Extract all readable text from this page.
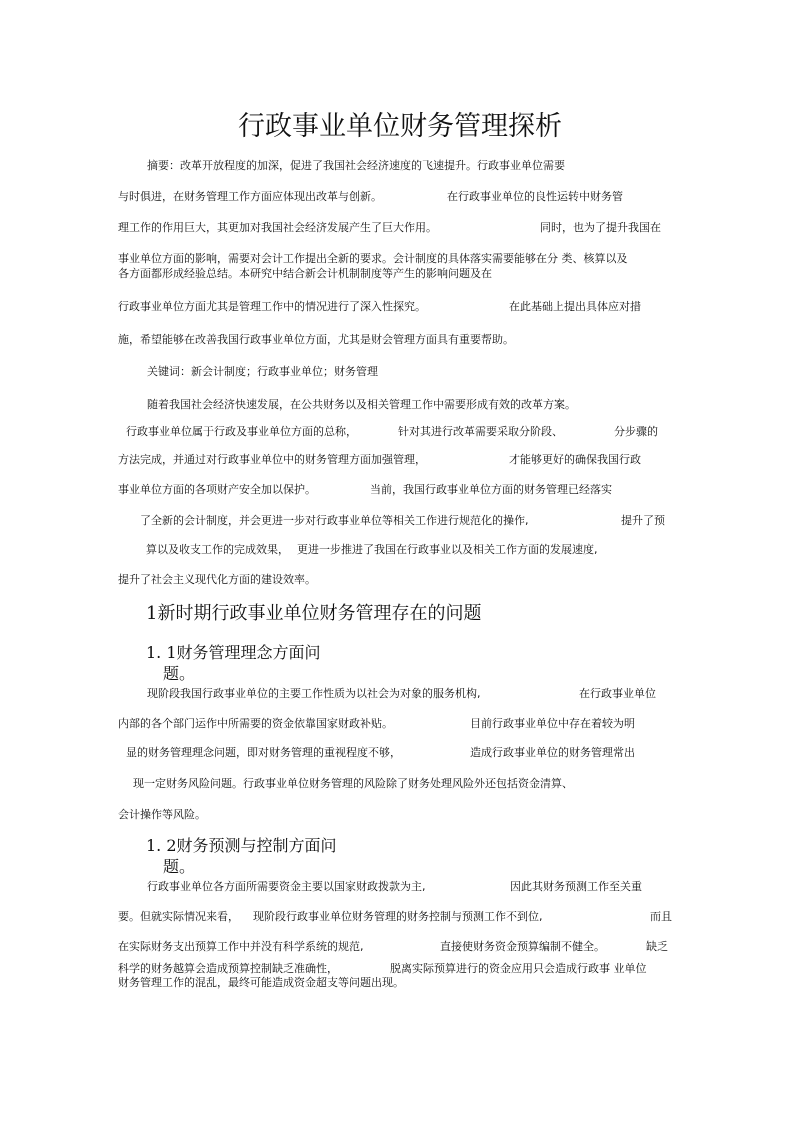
行政事业单位财务管理探析
摘要：改革开放程度的加深，促进了我国社会经济速度的飞速提升。行政事业单位需要
与时俱进，在财务管理工作方面应体现出改革与创新。	在行政事业单位的良性运转中财务管
理工作的作用巨大，其更加对我国社会经济发展产生了巨大作用。	同时，也为了提升我国在
事业单位方面的影响，需要对会计工作提出全新的要求。会计制度的具体落实需要能够在分 类、核算以及
各方面都形成经验总结。本研究中结合新会计机制制度等产生的影响问题及在
行政事业单位方面尤其是管理工作中的情况进行了深入性探究。	在此基础上提出具体应对措
施，希望能够在改善我国行政事业单位方面，尤其是财会管理方面具有重要帮助。
关键词：新会计制度；行政事业单位；财务管理
随着我国社会经济快速发展，在公共财务以及相关管理工作中需要形成有效的改革方案。
行政事业单位属于行政及事业单位方面的总称，	针对其进行改革需要采取分阶段、	分步骤的
方法完成，并通过对行政事业单位中的财务管理方面加强管理，	才能够更好的确保我国行政
事业单位方面的各项财产安全加以保护。	当前，我国行政事业单位方面的财务管理已经落实
了全新的会计制度，并会更进一步对行政事业单位等相关工作进行规范化的操作,	提升了预
算以及收支工作的完成效果， 更进一步推进了我国在行政事业以及相关工作方面的发展速度,
提升了社会主义现代化方面的建设效率。
1新时期行政事业单位财务管理存在的问题
1. 1财务管理理念方面问
题。
现阶段我国行政事业单位的主要工作性质为以社会为对象的服务机构,	在行政事业单位
内部的各个部门运作中所需要的资金依靠国家财政补贴。	目前行政事业单位中存在着较为明
显的财务管理理念问题，即对财务管理的重视程度不够，	造成行政事业单位的财务管理常出
现一定财务风险问题。行政事业单位财务管理的风险除了财务处理风险外还包括资金清算、
会计操作等风险。
1. 2财务预测与控制方面问
题。
行政事业单位各方面所需要资金主要以国家财政拨款为主,	因此其财务预测工作至关重
要。但就实际情况来看， 现阶段行政事业单位财务管理的财务控制与预测工作不到位,	而且
在实际财务支出预算工作中并没有科学系统的规范,	直接使财务资金预算编制不健全。	缺乏
科学的财务越算会造成预算控制缺乏准确性，	脱离实际预算进行的资金应用只会造成行政事 业单位
财务管理工作的混乱，最终可能造成资金超支等问题出现。
